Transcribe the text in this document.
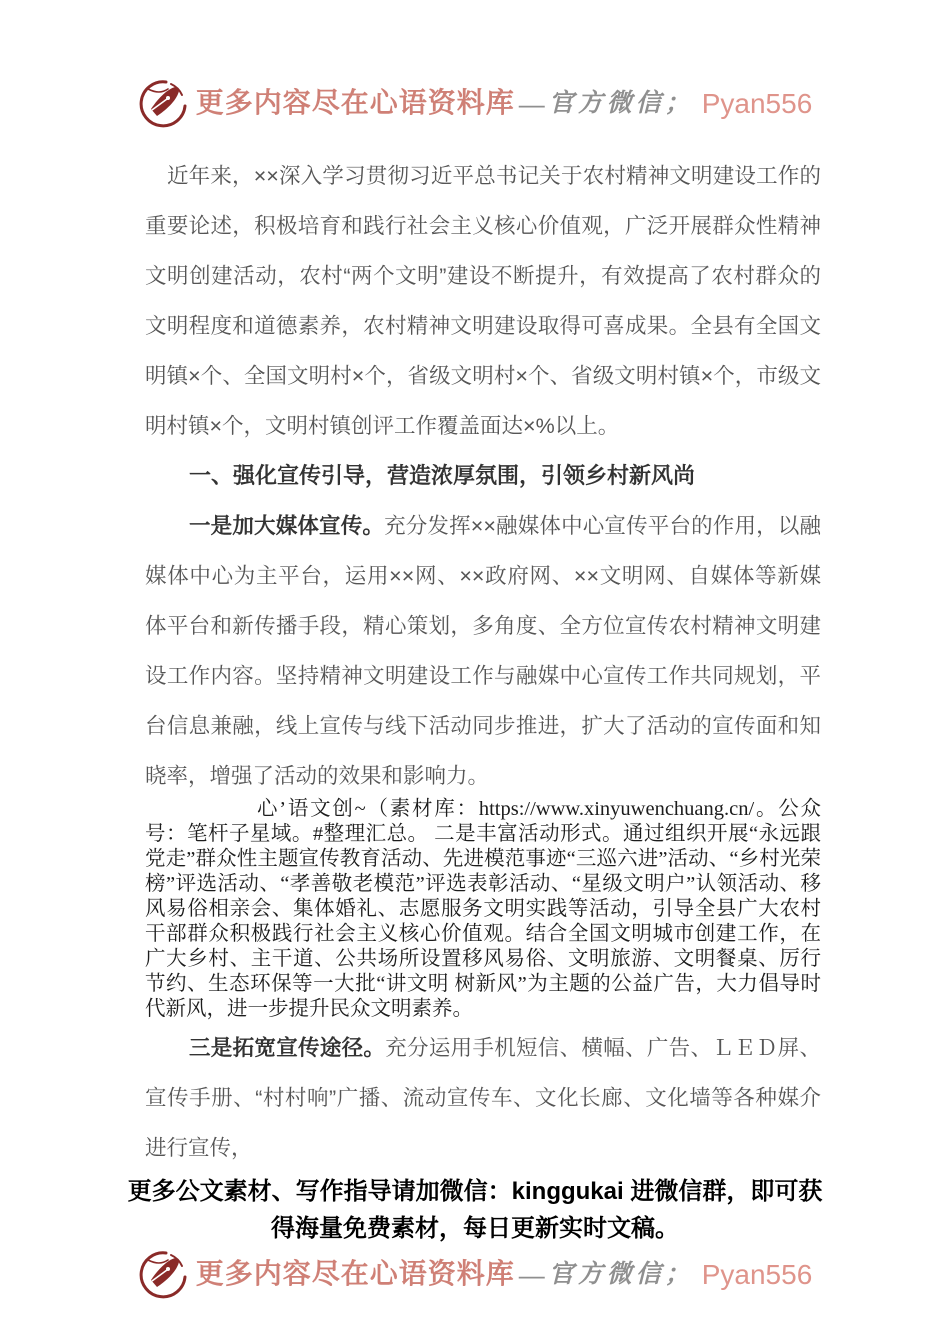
更多内容尽在心语资料库 — 官方微信； Pyan556

近年来，××深入学习贯彻习近平总书记关于农村精神文明建设工作的重要论述，积极培育和践行社会主义核心价值观，广泛开展群众性精神文明创建活动，农村“两个文明”建设不断提升，有效提高了农村群众的文明程度和道德素养，农村精神文明建设取得可喜成果。全县有全国文明镇×个、全国文明村×个，省级文明村×个、省级文明村镇×个，市级文明村镇×个，文明村镇创评工作覆盖面达×%以上。

一、强化宣传引导，营造浓厚氛围，引领乡村新风尚

一是加大媒体宣传。充分发挥××融媒体中心宣传平台的作用，以融媒体中心为主平台，运用××网、××政府网、××文明网、自媒体等新媒体平台和新传播手段，精心策划，多角度、全方位宣传农村精神文明建设工作内容。坚持精神文明建设工作与融媒中心宣传工作共同规划，平台信息兼融，线上宣传与线下活动同步推进，扩大了活动的宣传面和知晓率，增强了活动的效果和影响力。

心’语文创~（素材库：https://www.xinyuwenchuang.cn/。公众号：笔杆子星域。#整理汇总。 二是丰富活动形式。通过组织开展“永远跟党走”群众性主题宣传教育活动、先进模范事迹“三巡六进”活动、“乡村光荣榜”评选活动、“孝善敬老模范”评选表彰活动、“星级文明户”认领活动、移风易俗相亲会、集体婚礼、志愿服务文明实践等活动，引导全县广大农村干部群众积极践行社会主义核心价值观。结合全国文明城市创建工作，在广大乡村、主干道、公共场所设置移风易俗、文明旅游、文明餐桌、厉行节约、生态环保等一大批“讲文明 树新风”为主题的公益广告，大力倡导时代新风，进一步提升民众文明素养。

三是拓宽宣传途径。充分运用手机短信、横幅、广告、ＬＥＤ屏、宣传手册、“村村响”广播、流动宣传车、文化长廊、文化墙等各种媒介进行宣传，

更多公文素材、写作指导请加微信：kinggukai 进微信群，即可获得海量免费素材，每日更新实时文稿。
更多内容尽在心语资料库 — 官方微信； Pyan556
